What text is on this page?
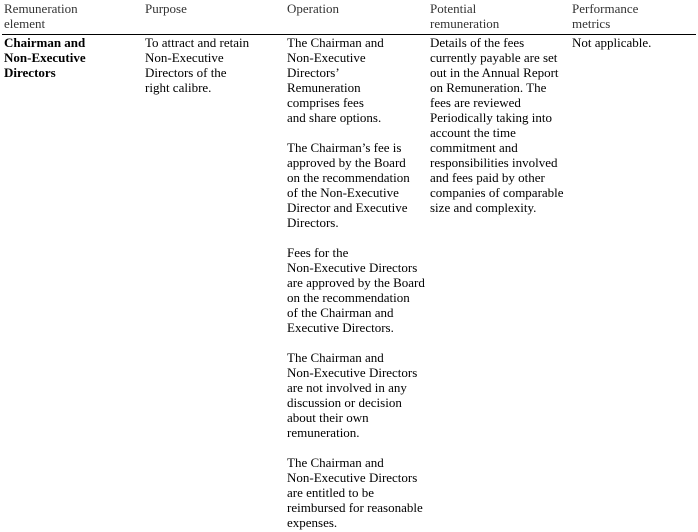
Remuneration
element
Purpose	Operation	Potential
remuneration
Performance
metrics
Chairman and
Non-Executive
Directors
To attract and retain
Non-Executive
Directors of the
right calibre.
The Chairman and
Non-Executive
Directors’
Remuneration
comprises fees
and share options.
The Chairman’s fee is
approved by the Board
on the recommendation
of the Non-Executive
Director and Executive
Directors.
Fees for the
Non-Executive Directors
are approved by the Board
on the recommendation
of the Chairman and
Executive Directors.
The Chairman and
Non-Executive Directors
are not involved in any
discussion or decision
about their own
remuneration.
The Chairman and
Non-Executive Directors
are entitled to be
reimbursed for reasonable
expenses.
Details of the fees
currently payable are set
out in the Annual Report
on Remuneration. The
fees are reviewed
Periodically taking into
account the time
commitment and
responsibilities involved
and fees paid by other
companies of comparable
size and complexity.
Not applicable.
